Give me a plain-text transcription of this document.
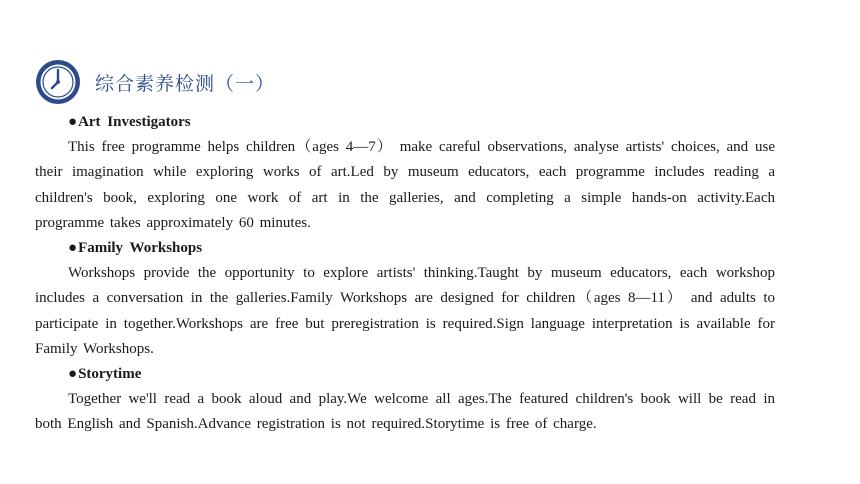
综合素养检测（一）
●Art Investigators

This free programme helps children（ages 4—7） make careful observations, analyse artists' choices, and use their imagination while exploring works of art.Led by museum educators, each programme includes reading a children's book, exploring one work of art in the galleries, and completing a simple hands-on activity.Each programme takes approximately 60 minutes.

●Family Workshops

Workshops provide the opportunity to explore artists' thinking.Taught by museum educators, each workshop includes a conversation in the galleries.Family Workshops are designed for children（ages 8—11） and adults to participate in together.Workshops are free but preregistration is required.Sign language interpretation is available for Family Workshops.

●Storytime

Together we'll read a book aloud and play.We welcome all ages.The featured children's book will be read in both English and Spanish.Advance registration is not required.Storytime is free of charge.
